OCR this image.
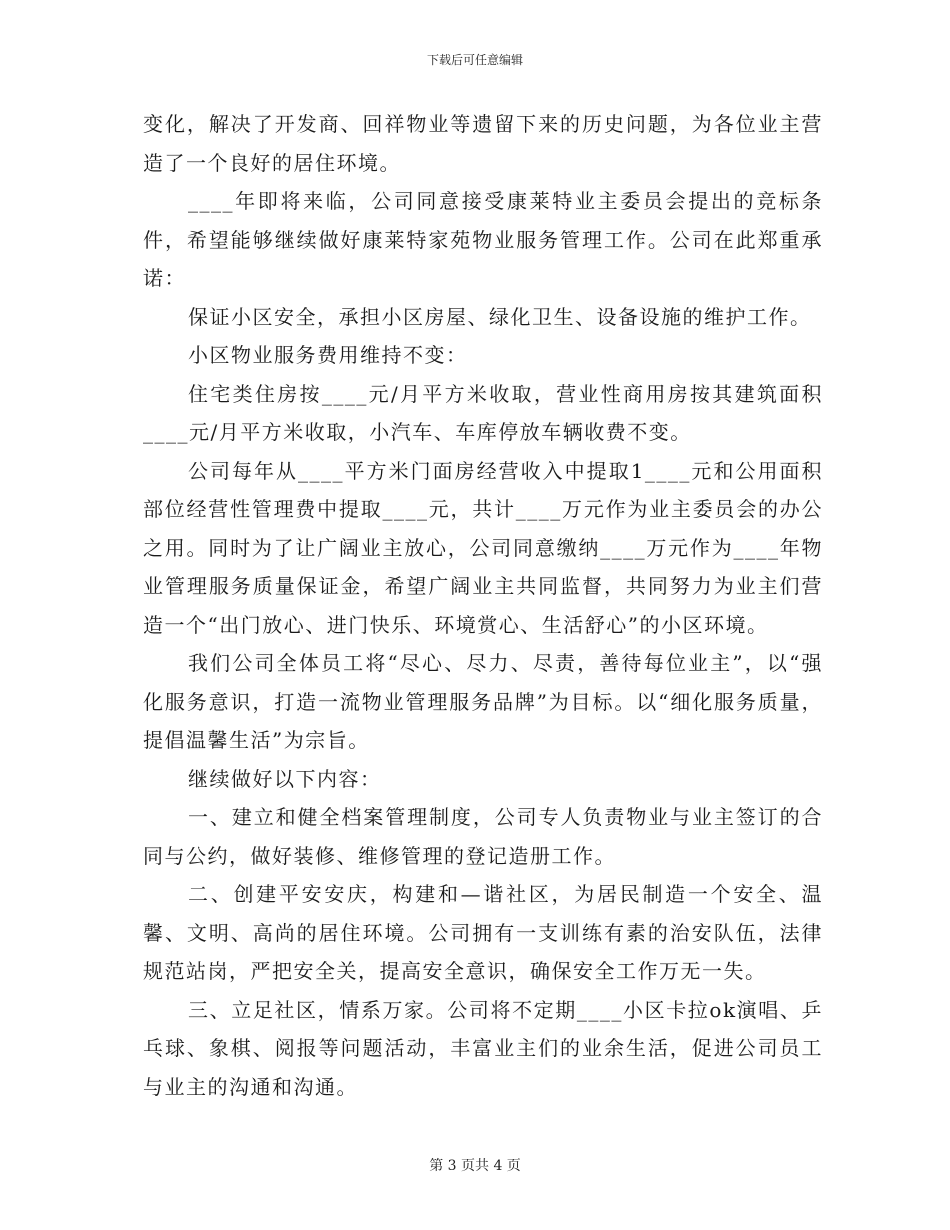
下载后可任意编辑

变化，解决了开发商、回祥物业等遗留下来的历史问题，为各位业主营造了一个良好的居住环境。

____年即将来临，公司同意接受康莱特业主委员会提出的竞标条件，希望能够继续做好康莱特家苑物业服务管理工作。公司在此郑重承诺：

保证小区安全，承担小区房屋、绿化卫生、设备设施的维护工作。

小区物业服务费用维持不变：

住宅类住房按____元/月平方米收取，营业性商用房按其建筑面积____元/月平方米收取，小汽车、车库停放车辆收费不变。

公司每年从____平方米门面房经营收入中提取1____元和公用面积部位经营性管理费中提取____元，共计____万元作为业主委员会的办公之用。同时为了让广阔业主放心，公司同意缴纳____万元作为____年物业管理服务质量保证金，希望广阔业主共同监督，共同努力为业主们营造一个“出门放心、进门快乐、环境赏心、生活舒心”的小区环境。

我们公司全体员工将“尽心、尽力、尽责，善待每位业主”，以“强化服务意识，打造一流物业管理服务品牌”为目标。以“细化服务质量，提倡温馨生活”为宗旨。

继续做好以下内容：

一、建立和健全档案管理制度，公司专人负责物业与业主签订的合同与公约，做好装修、维修管理的登记造册工作。

二、创建平安安庆，构建和—谐社区，为居民制造一个安全、温馨、文明、高尚的居住环境。公司拥有一支训练有素的治安队伍，法律规范站岗，严把安全关，提高安全意识，确保安全工作万无一失。

三、立足社区，情系万家。公司将不定期____小区卡拉ok演唱、乒乓球、象棋、阅报等问题活动，丰富业主们的业余生活，促进公司员工与业主的沟通和沟通。

第 3 页共 4 页
